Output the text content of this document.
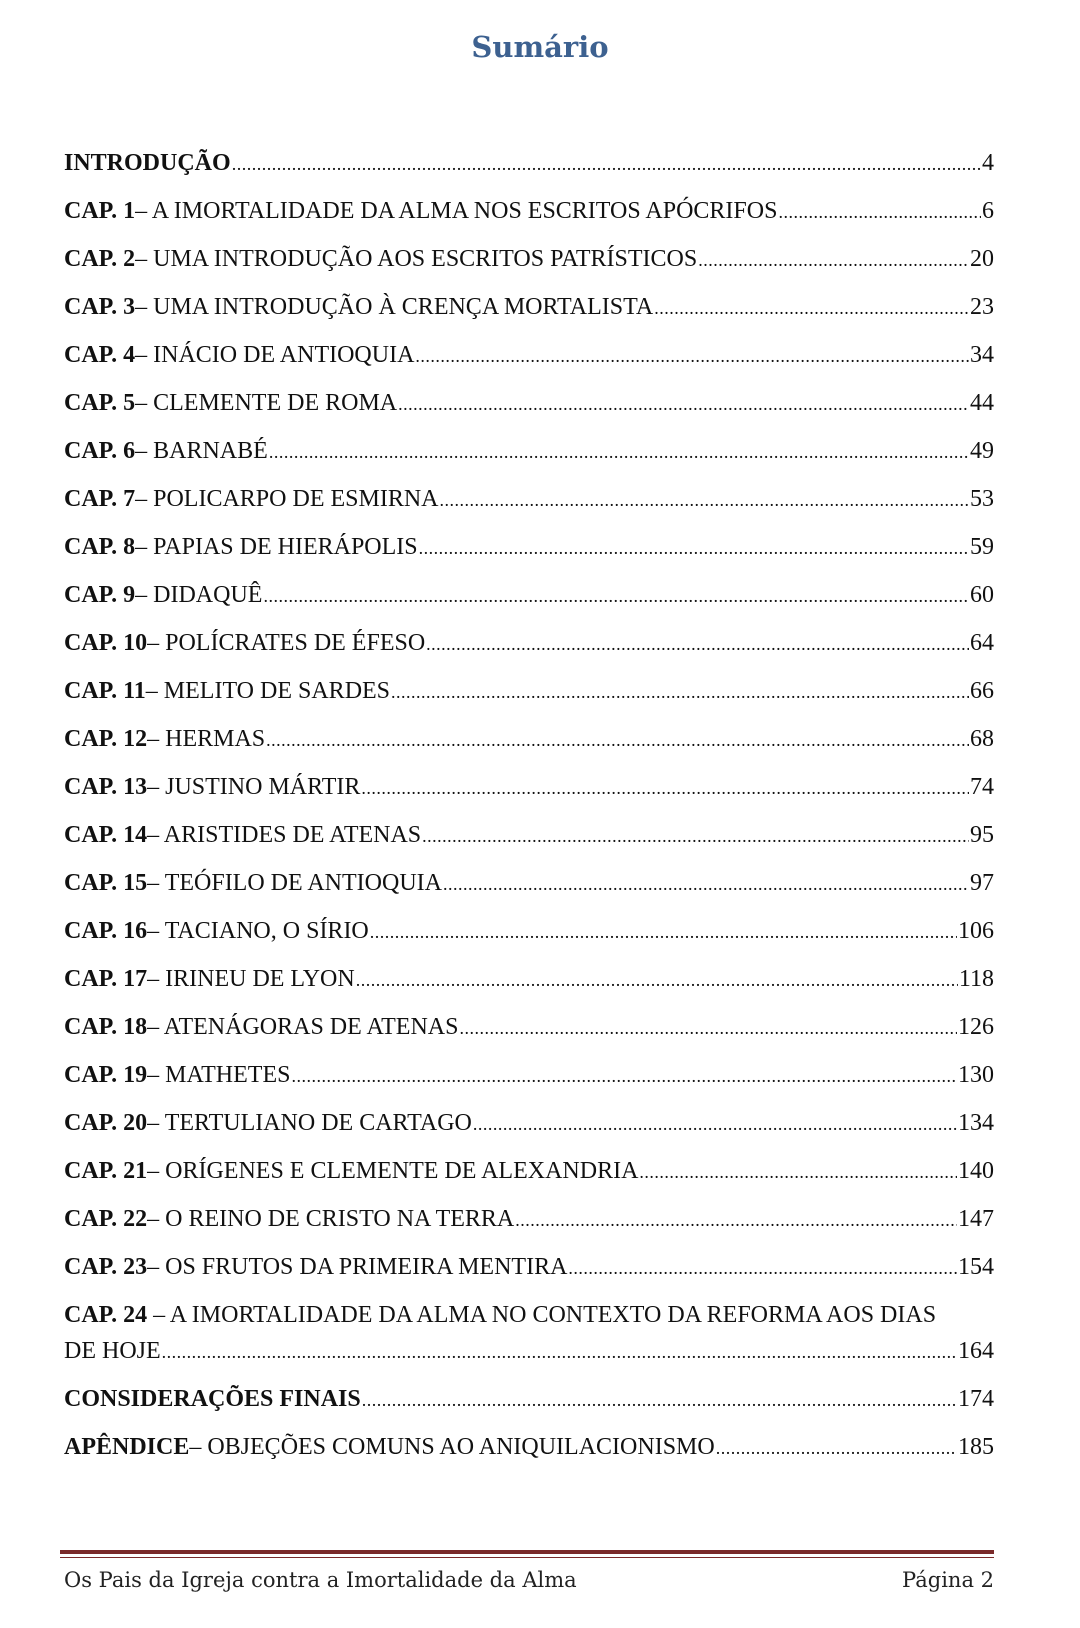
Sumário
INTRODUÇÃO .....	4
CAP. 1 – A IMORTALIDADE DA ALMA NOS ESCRITOS APÓCRIFOS .....	6
CAP. 2 – UMA INTRODUÇÃO AOS ESCRITOS PATRÍSTICOS .....	20
CAP. 3 – UMA INTRODUÇÃO À CRENÇA MORTALISTA .....	23
CAP. 4 – INÁCIO DE ANTIOQUIA .....	34
CAP. 5 – CLEMENTE DE ROMA .....	44
CAP. 6 – BARNABÉ .....	49
CAP. 7 – POLICARPO DE ESMIRNA .....	53
CAP. 8 – PAPIAS DE HIERÁPOLIS .....	59
CAP. 9 – DIDAQUÊ .....	60
CAP. 10 – POLÍCRATES DE ÉFESO .....	64
CAP. 11 – MELITO DE SARDES .....	66
CAP. 12 – HERMAS .....	68
CAP. 13 – JUSTINO MÁRTIR .....	74
CAP. 14 – ARISTIDES DE ATENAS .....	95
CAP. 15 – TEÓFILO DE ANTIOQUIA .....	97
CAP. 16 – TACIANO, O SÍRIO .....	106
CAP. 17 – IRINEU DE LYON .....	118
CAP. 18 – ATENÁGORAS DE ATENAS .....	126
CAP. 19 – MATHETES .....	130
CAP. 20 – TERTULIANO DE CARTAGO .....	134
CAP. 21 – ORÍGENES E CLEMENTE DE ALEXANDRIA .....	140
CAP. 22 – O REINO DE CRISTO NA TERRA .....	147
CAP. 23 – OS FRUTOS DA PRIMEIRA MENTIRA .....	154
CAP. 24 – A IMORTALIDADE DA ALMA NO CONTEXTO DA REFORMA AOS DIAS
DE HOJE .....	164
CONSIDERAÇÕES FINAIS .....	174
APÊNDICE – OBJEÇÕES COMUNS AO ANIQUILACIONISMO .....	185
Os Pais da Igreja contra a Imortalidade da Alma	Página 2
